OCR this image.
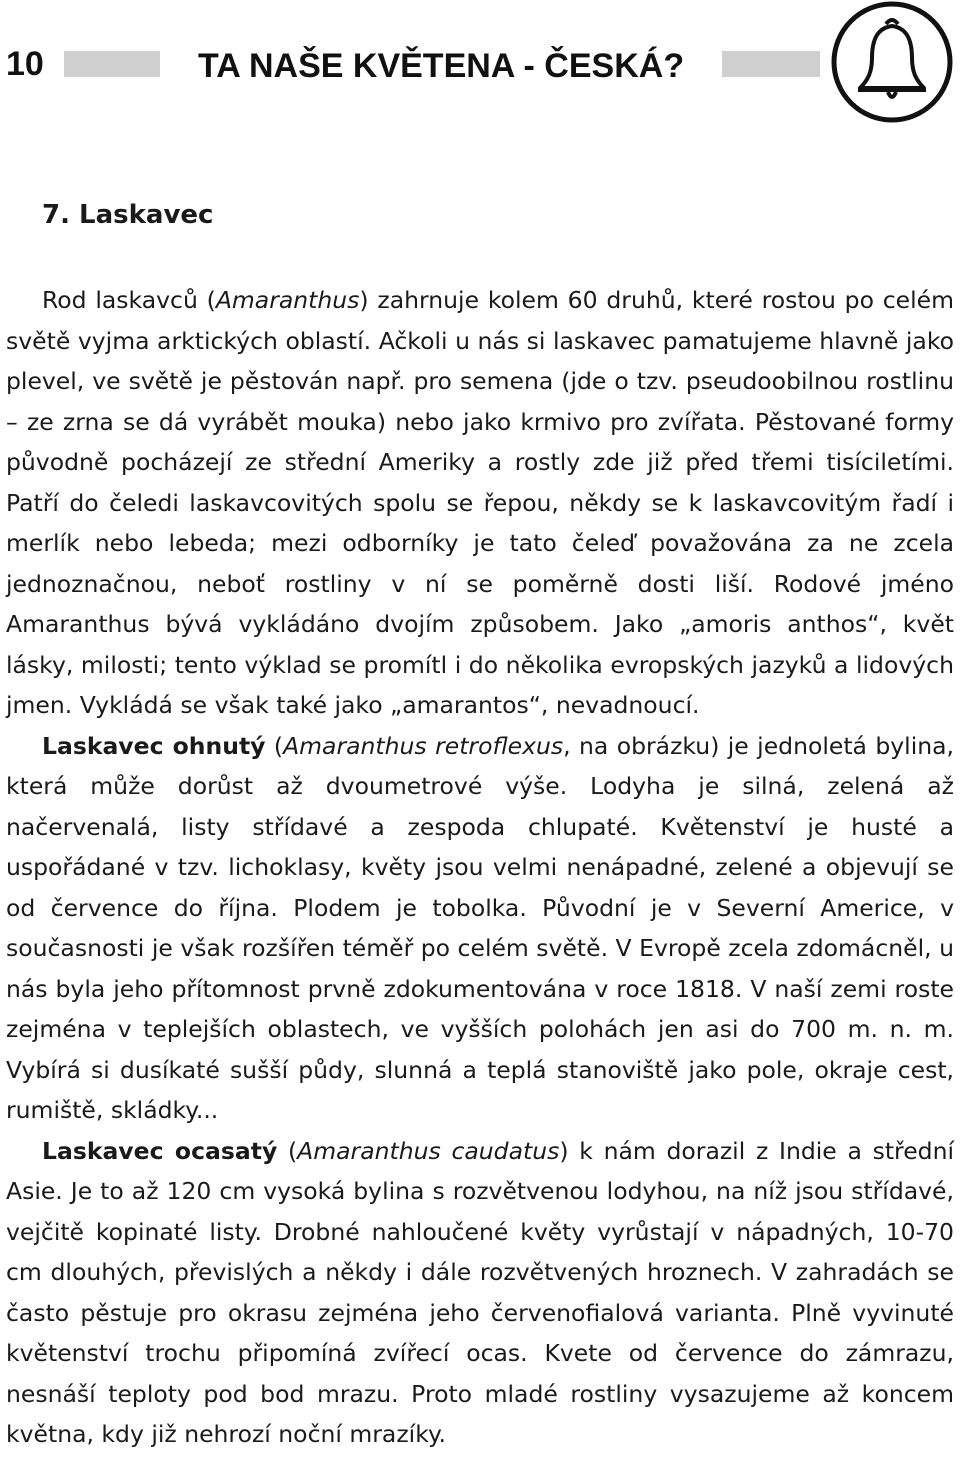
10	TA NAŠE KVĚTENA - ČESKÁ?
7. Laskavec

Rod laskavců (Amaranthus) zahrnuje kolem 60 druhů, které rostou po celém světě vyjma arktických oblastí. Ačkoli u nás si laskavec pamatujeme hlavně jako plevel, ve světě je pěstován např. pro semena (jde o tzv. pseudoobilnou rostlinu – ze zrna se dá vyrábět mouka) nebo jako krmivo pro zvířata. Pěstované formy původně pocházejí ze střední Ameriky a rostly zde již před třemi tisíciletími. Patří do čeledi laskavcovitých spolu se řepou, někdy se k laskavcovitým řadí i merlík nebo lebeda; mezi odborníky je tato čeleď považována za ne zcela jednoznačnou, neboť rostliny v ní se poměrně dosti liší. Rodové jméno Amaranthus bývá vykládáno dvojím způsobem. Jako „amoris anthos“, květ lásky, milosti; tento výklad se promítl i do několika evropských jazyků a lidových jmen. Vykládá se však také jako „amarantos“, nevadnoucí.

Laskavec ohnutý (Amaranthus retroflexus, na obrázku) je jednoletá bylina, která může dorůst až dvoumetrové výše. Lodyha je silná, zelená až načervenalá, listy střídavé a zespoda chlupaté. Květenství je husté a uspořádané v tzv. lichoklasy, květy jsou velmi nenápadné, zelené a objevují se od července do října. Plodem je tobolka. Původní je v Severní Americe, v současnosti je však rozšířen téměř po celém světě. V Evropě zcela zdomácněl, u nás byla jeho přítomnost prvně zdokumentována v roce 1818. V naší zemi roste zejména v teplejších oblastech, ve vyšších polohách jen asi do 700 m. n. m. Vybírá si dusíkaté sušší půdy, slunná a teplá stanoviště jako pole, okraje cest, rumiště, skládky...

Laskavec ocasatý (Amaranthus caudatus) k nám dorazil z Indie a střední Asie. Je to až 120 cm vysoká bylina s rozvětvenou lodyhou, na níž jsou střídavé, vejčitě kopinaté listy. Drobné nahloučené květy vyrůstají v nápadných, 10-70 cm dlouhých, převislých a někdy i dále rozvětvených hroznech. V zahradách se často pěstuje pro okrasu zejména jeho červenofialová varianta. Plně vyvinuté květenství trochu připomíná zvířecí ocas. Kvete od července do zámrazu, nesnáší teploty pod bod mrazu. Proto mladé rostliny vysazujeme až koncem května, kdy již nehrozí noční mrazíky.
